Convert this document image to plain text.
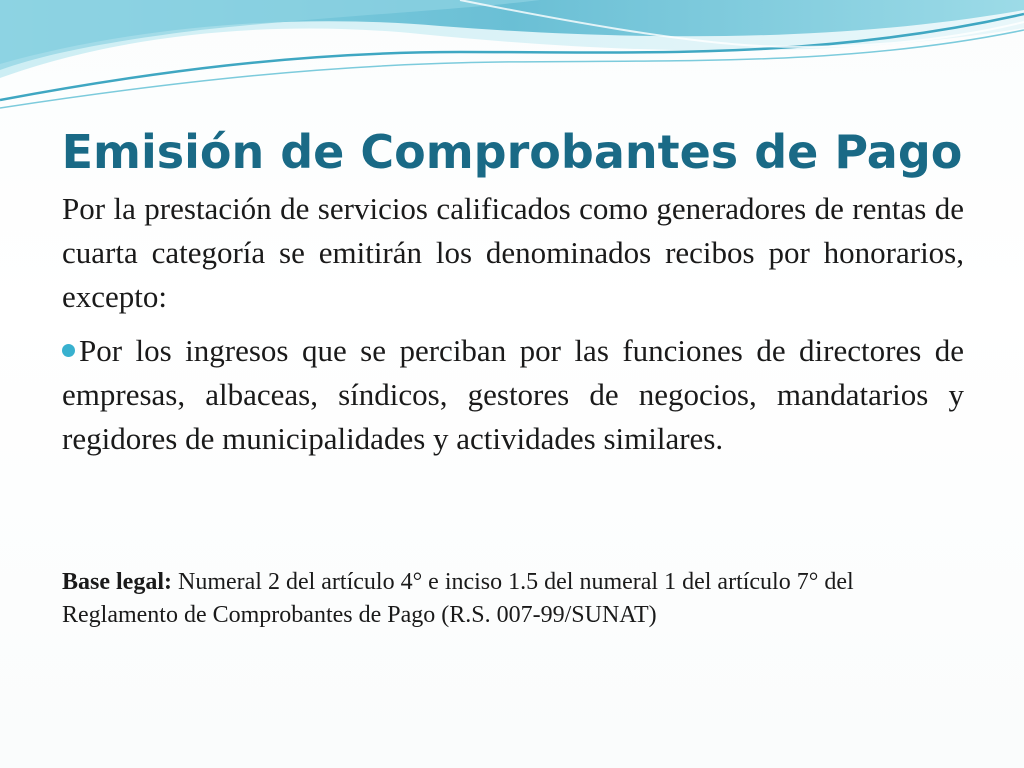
Emisión de Comprobantes de Pago

Por la prestación de servicios calificados como generadores de rentas de cuarta categoría se emitirán los denominados recibos por honorarios, excepto:

Por los ingresos que se perciban por las funciones de directores de empresas, albaceas, síndicos, gestores de negocios, mandatarios y regidores de municipalidades y actividades similares.

Base legal: Numeral 2 del artículo 4° e inciso 1.5 del numeral 1 del artículo 7° del Reglamento de Comprobantes de Pago (R.S. 007-99/SUNAT)
